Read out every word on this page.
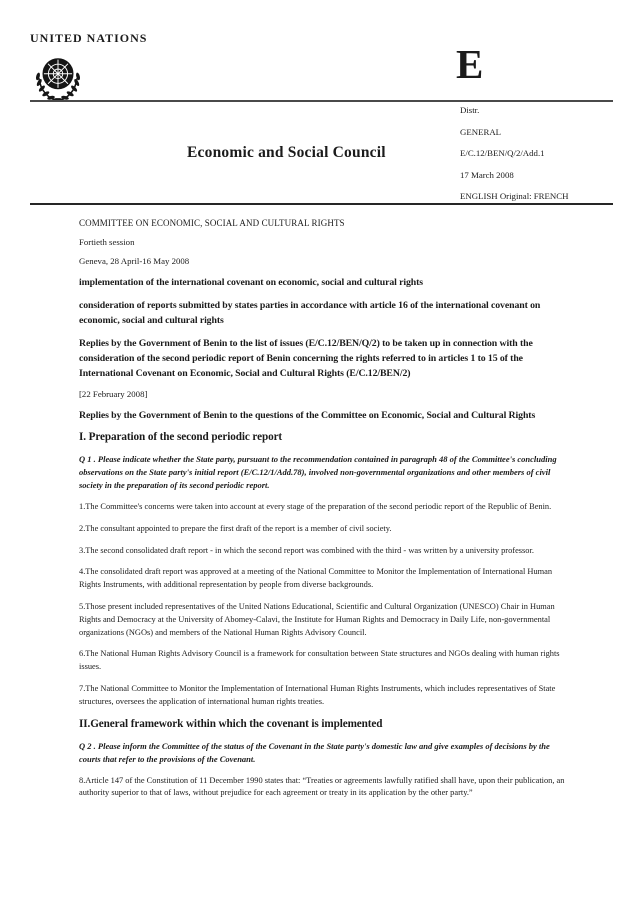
UNITED NATIONS
E
Economic and Social Council
Distr.
GENERAL
E/C.12/BEN/Q/2/Add.1
17 March 2008
ENGLISH Original: FRENCH
COMMITTEE ON ECONOMIC, SOCIAL AND CULTURAL RIGHTS
Fortieth session
Geneva, 28 April-16 May 2008
implementation of the international covenant on economic, social and cultural rights
consideration of reports submitted by states parties in accordance with article 16 of the international covenant on economic, social and cultural rights
Replies by the Government of Benin to the list of issues (E/C.12/BEN/Q/2) to be taken up in connection with the consideration of the second periodic report of Benin concerning the rights referred to in articles 1 to 15 of the International Covenant on Economic, Social and Cultural Rights (E/C.12/BEN/2)
[22 February 2008]
Replies by the Government of Benin to the questions of the Committee on Economic, Social and Cultural Rights
I. Preparation of the second periodic report
Q 1 . Please indicate whether the State party, pursuant to the recommendation contained in paragraph 48 of the Committee's concluding observations on the State party's initial report (E/C.12/1/Add.78), involved non-governmental organizations and other members of civil society in the preparation of its second periodic report.
1.The Committee's concerns were taken into account at every stage of the preparation of the second periodic report of the Republic of Benin.
2.The consultant appointed to prepare the first draft of the report is a member of civil society.
3.The second consolidated draft report - in which the second report was combined with the third - was written by a university professor.
4.The consolidated draft report was approved at a meeting of the National Committee to Monitor the Implementation of International Human Rights Instruments, with additional representation by people from diverse backgrounds.
5.Those present included representatives of the United Nations Educational, Scientific and Cultural Organization (UNESCO) Chair in Human Rights and Democracy at the University of Abomey-Calavi, the Institute for Human Rights and Democracy in Daily Life, non-governmental organizations (NGOs) and members of the National Human Rights Advisory Council.
6.The National Human Rights Advisory Council is a framework for consultation between State structures and NGOs dealing with human rights issues.
7.The National Committee to Monitor the Implementation of International Human Rights Instruments, which includes representatives of State structures, oversees the application of international human rights treaties.
II.General framework within which the covenant is implemented
Q 2 . Please inform the Committee of the status of the Covenant in the State party's domestic law and give examples of decisions by the courts that refer to the provisions of the Covenant.
8.Article 147 of the Constitution of 11 December 1990 states that: “Treaties or agreements lawfully ratified shall have, upon their publication, an authority superior to that of laws, without prejudice for each agreement or treaty in its application by the other party.”
